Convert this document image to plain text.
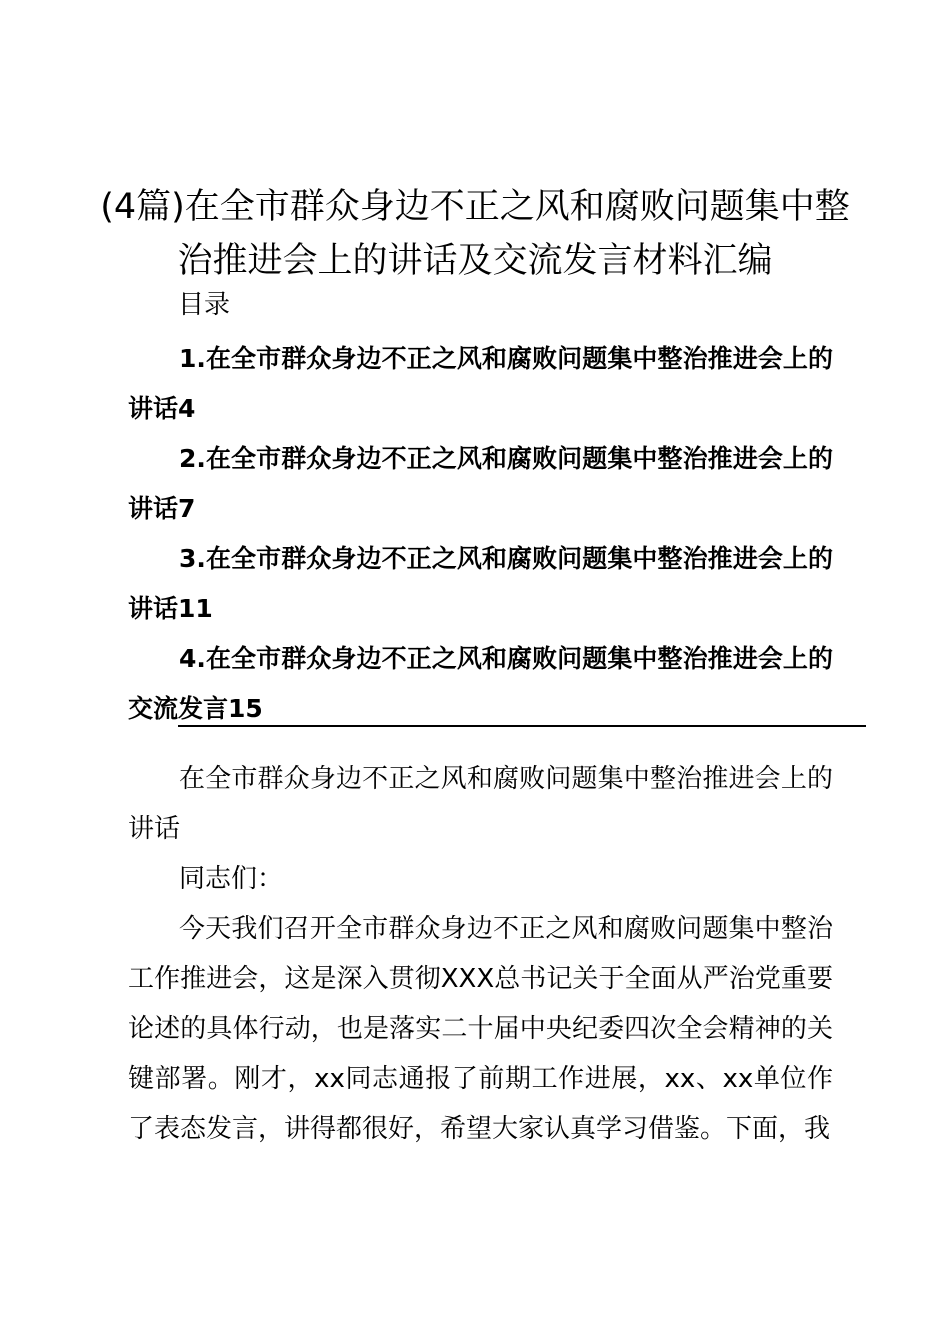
(4篇)在全市群众身边不正之风和腐败问题集中整治推进会上的讲话及交流发言材料汇编

目录

1.在全市群众身边不正之风和腐败问题集中整治推进会上的讲话4
2.在全市群众身边不正之风和腐败问题集中整治推进会上的讲话7
3.在全市群众身边不正之风和腐败问题集中整治推进会上的讲话11
4.在全市群众身边不正之风和腐败问题集中整治推进会上的交流发言15

在全市群众身边不正之风和腐败问题集中整治推进会上的讲话

同志们：

今天我们召开全市群众身边不正之风和腐败问题集中整治工作推进会，这是深入贯彻XXX总书记关于全面从严治党重要论述的具体行动，也是落实二十届中央纪委四次全会精神的关键部署。刚才，xx同志通报了前期工作进展，xx、xx单位作了表态发言，讲得都很好，希望大家认真学习借鉴。下面，我
